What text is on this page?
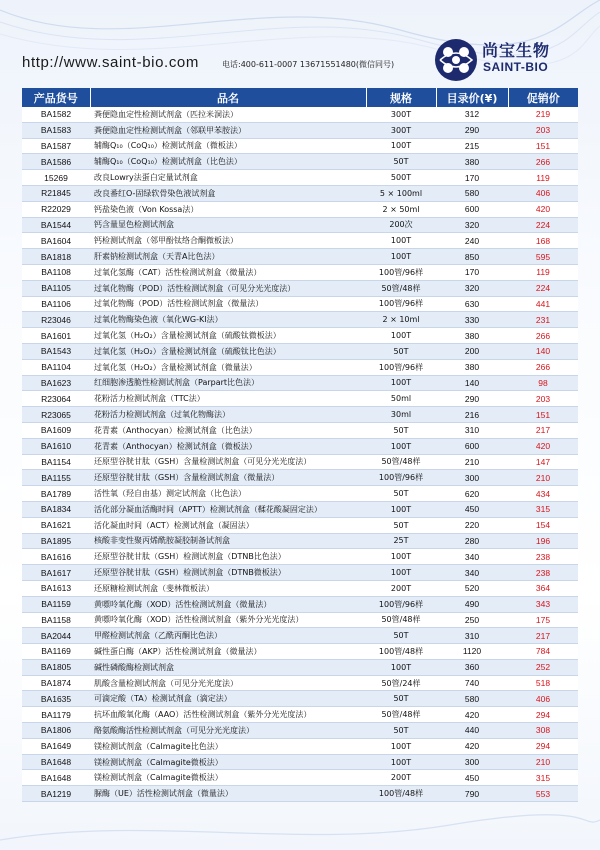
http://www.saint-bio.com	电话:400-611-0007 13671551480(微信同号)
尚宝生物
SAINT-BIO
产品货号	品名	规格	目录价(¥)	促销价
BA1582	粪便隐血定性检测试剂盒（匹拉米洞法）	300T	312	219
BA1583	粪便隐血定性检测试剂盒（邻联甲苯胺法）	300T	290	203
BA1587	辅酶Q₁₀（CoQ₁₀）检测试剂盒（微板法）	100T	215	151
BA1586	辅酶Q₁₀（CoQ₁₀）检测试剂盒（比色法）	50T	380	266
15269	改良Lowry法蛋白定量试剂盒	500T	170	119
R21845	改良番红O-固绿软骨染色液试剂盒	5 × 100ml	580	406
R22029	钙盐染色液（Von Kossa法）	2 × 50ml	600	420
BA1544	钙含量显色检测试剂盒	200次	320	224
BA1604	钙检测试剂盒（邻甲酚钛络合酮微板法）	100T	240	168
BA1818	肝素钠检测试剂盒（天青A比色法）	100T	850	595
BA1108	过氧化氢酶（CAT）活性检测试剂盒（微量法）	100管/96样	170	119
BA1105	过氧化物酶（POD）活性检测试剂盒（可见分光光度法）	50管/48样	320	224
BA1106	过氧化物酶（POD）活性检测试剂盒（微量法）	100管/96样	630	441
R23046	过氧化物酶染色液（氧化WG-KI法）	2 × 10ml	330	231
BA1601	过氧化氢（H₂O₂）含量检测试剂盒（硫酸钛微板法）	100T	380	266
BA1543	过氧化氢（H₂O₂）含量检测试剂盒（硫酸钛比色法）	50T	200	140
BA1104	过氧化氢（H₂O₂）含量检测试剂盒（微量法）	100管/96样	380	266
BA1623	红细胞渗透脆性检测试剂盒（Parpart比色法）	100T	140	98
R23064	花粉活力检测试剂盒（TTC法）	50ml	290	203
R23065	花粉活力检测试剂盒（过氧化物酶法）	30ml	216	151
BA1609	花青素（Anthocyan）检测试剂盒（比色法）	50T	310	217
BA1610	花青素（Anthocyan）检测试剂盒（微板法）	100T	600	420
BA1154	还原型谷胱甘肽（GSH）含量检测试剂盒（可见分光光度法）	50管/48样	210	147
BA1155	还原型谷胱甘肽（GSH）含量检测试剂盒（微量法）	100管/96样	300	210
BA1789	活性氧（羟自由基）测定试剂盒（比色法）	50T	620	434
BA1834	活化部分凝血活酶时间（APTT）检测试剂盒（鞣花酸凝固定法）	100T	450	315
BA1621	活化凝血时间（ACT）检测试剂盒（凝固法）	50T	220	154
BA1895	核酸非变性聚丙烯酰胺凝胶制备试剂盒	25T	280	196
BA1616	还原型谷胱甘肽（GSH）检测试剂盒（DTNB比色法）	100T	340	238
BA1617	还原型谷胱甘肽（GSH）检测试剂盒（DTNB微板法）	100T	340	238
BA1613	还原糖检测试剂盒（斐林微板法）	200T	520	364
BA1159	黄嘌呤氧化酶（XOD）活性检测试剂盒（微量法）	100管/96样	490	343
BA1158	黄嘌呤氧化酶（XOD）活性检测试剂盒（紫外分光光度法）	50管/48样	250	175
BA2044	甲醛检测试剂盒（乙酰丙酮比色法）	50T	310	217
BA1169	碱性蛋白酶（AKP）活性检测试剂盒（微量法）	100管/48样	1120	784
BA1805	碱性磷酸酶检测试剂盒	100T	360	252
BA1874	肌酸含量检测试剂盒（可见分光光度法）	50管/24样	740	518
BA1635	可滴定酸（TA）检测试剂盒（滴定法）	50T	580	406
BA1179	抗坏血酸氧化酶（AAO）活性检测试剂盒（紫外分光光度法）	50管/48样	420	294
BA1806	酪氨酸酶活性检测试剂盒（可见分光光度法）	50T	440	308
BA1649	镁检测试剂盒（Calmagite比色法）	100T	420	294
BA1648	镁检测试剂盒（Calmagite微板法）	100T	300	210
BA1648	镁检测试剂盒（Calmagite微板法）	200T	450	315
BA1219	脲酶（UE）活性检测试剂盒（微量法）	100管/48样	790	553
